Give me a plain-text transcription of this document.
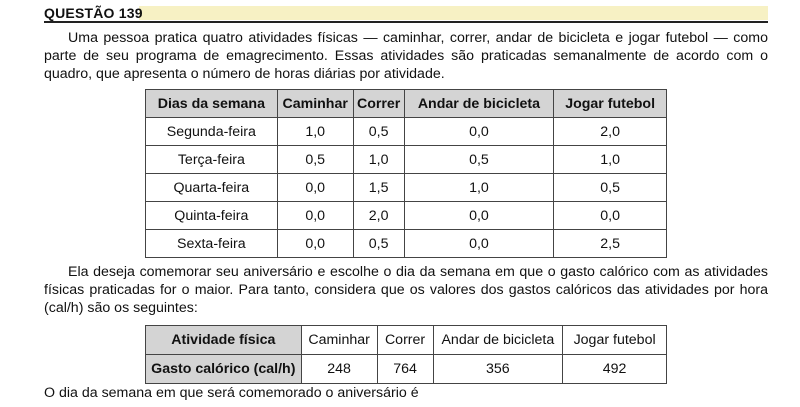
QUESTÃO 139
Uma pessoa pratica quatro atividades físicas — caminhar, correr, andar de bicicleta e jogar futebol — como parte de seu programa de emagrecimento. Essas atividades são praticadas semanalmente de acordo com o quadro, que apresenta o número de horas diárias por atividade.
Dias da semana	Caminhar	Correr	Andar de bicicleta	Jogar futebol
Segunda-feira	1,0	0,5	0,0	2,0
Terça-feira	0,5	1,0	0,5	1,0
Quarta-feira	0,0	1,5	1,0	0,5
Quinta-feira	0,0	2,0	0,0	0,0
Sexta-feira	0,0	0,5	0,0	2,5
Ela deseja comemorar seu aniversário e escolhe o dia da semana em que o gasto calórico com as atividades físicas praticadas for o maior. Para tanto, considera que os valores dos gastos calóricos das atividades por hora (cal/h) são os seguintes:
Atividade física	Caminhar	Correr	Andar de bicicleta	Jogar futebol
Gasto calórico (cal/h)	248	764	356	492
O dia da semana em que será comemorado o aniversário é
